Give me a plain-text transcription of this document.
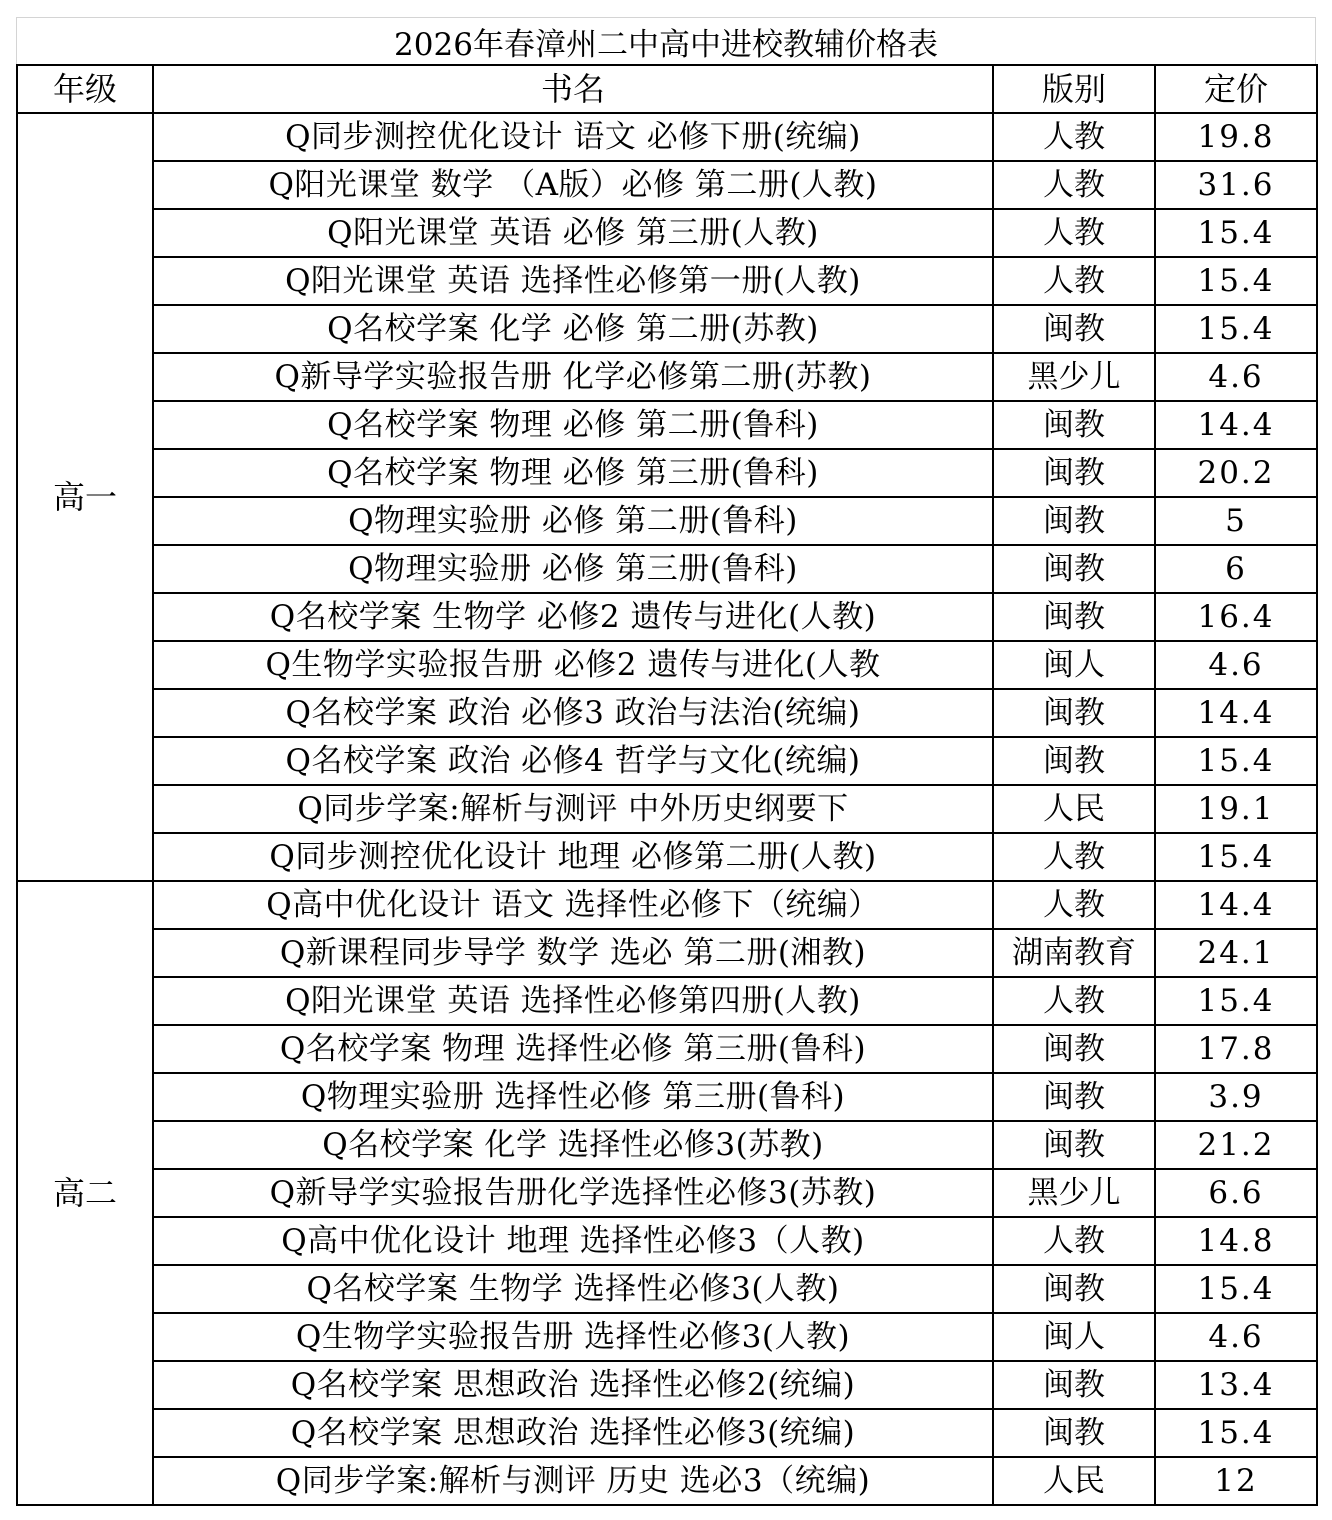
2026年春漳州二中高中进校教辅价格表
年级	书名	版别	定价
高一	Q同步测控优化设计 语文 必修下册(统编)	人教	19.8
	Q阳光课堂 数学 （A版）必修 第二册(人教)	人教	31.6
	Q阳光课堂 英语 必修 第三册(人教)	人教	15.4
	Q阳光课堂 英语 选择性必修第一册(人教)	人教	15.4
	Q名校学案 化学 必修 第二册(苏教)	闽教	15.4
	Q新导学实验报告册 化学必修第二册(苏教)	黑少儿	4.6
	Q名校学案 物理 必修 第二册(鲁科)	闽教	14.4
	Q名校学案 物理 必修 第三册(鲁科)	闽教	20.2
	Q物理实验册 必修 第二册(鲁科)	闽教	5
	Q物理实验册 必修 第三册(鲁科)	闽教	6
	Q名校学案 生物学 必修2 遗传与进化(人教)	闽教	16.4
	Q生物学实验报告册 必修2 遗传与进化(人教	闽人	4.6
	Q名校学案 政治 必修3 政治与法治(统编)	闽教	14.4
	Q名校学案 政治 必修4 哲学与文化(统编)	闽教	15.4
	Q同步学案:解析与测评 中外历史纲要下	人民	19.1
	Q同步测控优化设计 地理 必修第二册(人教)	人教	15.4
高二	Q高中优化设计 语文 选择性必修下（统编）	人教	14.4
	Q新课程同步导学 数学 选必 第二册(湘教)	湖南教育	24.1
	Q阳光课堂 英语 选择性必修第四册(人教)	人教	15.4
	Q名校学案 物理 选择性必修 第三册(鲁科)	闽教	17.8
	Q物理实验册 选择性必修 第三册(鲁科)	闽教	3.9
	Q名校学案 化学 选择性必修3(苏教)	闽教	21.2
	Q新导学实验报告册化学选择性必修3(苏教)	黑少儿	6.6
	Q高中优化设计 地理 选择性必修3（人教)	人教	14.8
	Q名校学案 生物学 选择性必修3(人教)	闽教	15.4
	Q生物学实验报告册 选择性必修3(人教)	闽人	4.6
	Q名校学案 思想政治 选择性必修2(统编)	闽教	13.4
	Q名校学案 思想政治 选择性必修3(统编)	闽教	15.4
	Q同步学案:解析与测评 历史 选必3（统编)	人民	12
